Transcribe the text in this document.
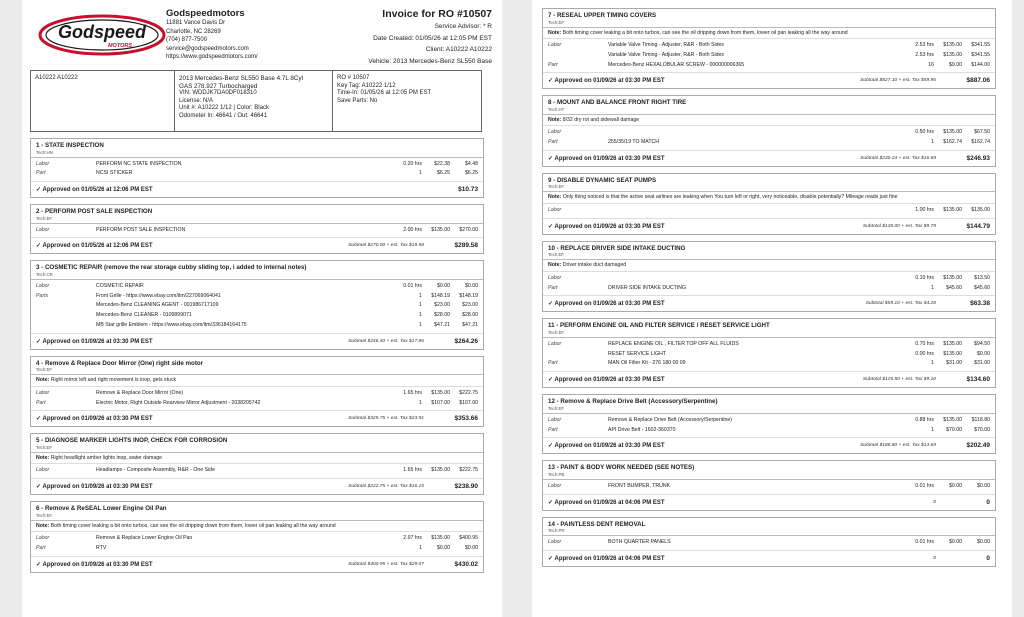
Godspeed
MOTORS
Godspeedmotors
11881 Vance Davis Dr
Charlotte, NC 28269
(704) 877-7500
service@godspeedmotors.com
https://www.godspeedmotors.com/
Invoice for RO #10507
Service Advisor: * R
Date Created: 01/05/26 at 12:05 PM EST
Client: A10222 A10222
Vehicle: 2013 Mercedes-Benz SL550 Base
A10222 A10222	2013 Mercedes-Benz SL550 Base 4.7L 8Cyl
GAS 278.927 Turbocharged
VIN: WDDJK7DA0DF018310
License: N/A
Unit #: A10222 1/12 | Color: Black
Odometer In: 46641 / Out: 46641
RO # 10507
Key Tag: A10222 1/12
Time-In: 01/05/26 at 12:05 PM EST
Save Parts: No
1 - STATE INSPECTION
Tech:HN
Labor	PERFORM NC STATE INSPECTION	0.20 hrs	$22.38	$4.48
Part	NCSI STICKER	1	$6.25	$6.25
✓ Approved on 01/05/26 at 12:06 PM EST	$10.73
2 - PERFORM POST SALE INSPECTION
Tech:EF
Labor	PERFORM POST SALE INSPECTION	2.00 hrs	$135.00	$270.00
✓ Approved on 01/05/26 at 12:06 PM EST	Subtotal $270.00 + est. Tax $19.58	$289.58
3 - COSMETIC REPAIR (remove the rear storage cubby sliding top, i added to internal notes)
Tech:CR
Labor	COSMETIC REPAIR	0.01 hrs	$0.00	$0.00
Parts	Front Grille - https://www.ebay.com/itm/227069064041	1	$148.19	$148.19
Mercedes-Benz CLEANING AGENT - 001986717109	1	$23.00	$23.00
Mercedes-Benz CLEANER - 0109899071	1	$28.00	$28.00
MB Star grille Emblem - https://www.ebay.com/itm/336184164175	1	$47.21	$47.21
✓ Approved on 01/09/26 at 03:30 PM EST	Subtotal $246.40 + est. Tax $17.86	$264.26
4 - Remove & Replace Door Mirror (One) right side motor
Tech:EF
Note: Right mirror left and right movement is inop, gets stuck
Labor	Remove & Replace Door Mirror (One)	1.65 hrs	$135.00	$222.75
Part	Electric Motor, Right Outside Rearview Mirror Adjustment - 2038205742	1	$107.00	$107.00
✓ Approved on 01/09/26 at 03:30 PM EST	Subtotal $329.75 + est. Tax $23.91	$353.66
5 - DIAGNOSE MARKER LIGHTS INOP, CHECK FOR CORROSION
Tech:EF
Note: Right headlight amber lights inop, water damage
Labor	Headlamps - Composite Assembly, R&R - One Side	1.65 hrs	$135.00	$222.75
✓ Approved on 01/09/26 at 03:30 PM EST	Subtotal $222.75 + est. Tax $16.15	$238.90
6 - Remove & ReSEAL Lower Engine Oil Pan
Tech:EF
Note: Both timing cover leaking a bit onto turbos, can see the oil dripping down from them, lower oil pan leaking all the way around
Labor	Remove & Replace Lower Engine Oil Pan	2.97 hrs	$135.00	$400.95
Part	RTV	1	$0.00	$0.00
✓ Approved on 01/09/26 at 03:30 PM EST	Subtotal $400.95 + est. Tax $29.07	$430.02
7 - RESEAL UPPER TIMING COVERS
Tech:EF
Note: Both timing cover leaking a bit onto turbos, can see the oil dripping down from them, lower oil pan leaking all the way around
Labor	Variable Valve Timing - Adjuster, R&R - Both Sides	2.53 hrs	$135.00	$341.55
Variable Valve Timing - Adjuster, R&R - Both Sides	2.53 hrs	$135.00	$341.55
Part	Mercedes-Benz HEXALOBULAR SCREW - 000000006365	16	$9.00	$144.00
✓ Approved on 01/09/26 at 03:30 PM EST	Subtotal $827.10 + est. Tax $59.96	$887.06
8 - MOUNT AND BALANCE FRONT RIGHT TIRE
Tech:HT
Note: 8/32 dry rot and sidewall damage
Labor	0.50 hrs	$135.00	$67.50
Part	255/35/19 TO MATCH	1	$162.74	$162.74
✓ Approved on 01/09/26 at 03:30 PM EST	Subtotal $230.24 + est. Tax $16.69	$246.93
9 - DISABLE DYNAMIC SEAT PUMPS
Tech:EF
Note: Only thing noticed is that the active seat airlines are leaking when You turn left or right, very noticeable, disable potentially? Mileage reads just fine
Labor	1.00 hrs	$135.00	$135.00
✓ Approved on 01/09/26 at 03:30 PM EST	Subtotal $135.00 + est. Tax $9.79	$144.79
10 - REPLACE DRIVER SIDE INTAKE DUCTING
Tech:EF
Note: Driver intake duct damaged
Labor	0.10 hrs	$135.00	$13.50
Part	DRIVER SIDE INTAKE DUCTING	1	$45.60	$45.60
✓ Approved on 01/09/26 at 03:30 PM EST	Subtotal $59.10 + est. Tax $4.28	$63.38
11 - PERFORM ENGINE OIL AND FILTER SERVICE / RESET SERVICE LIGHT
Tech:EF
Labor	REPLACE ENGINE OIL , FILTER TOP OFF ALL FLUIDS	0.70 hrs	$135.00	$94.50
RESET SERVICE LIGHT	0.00 hrs	$135.00	$0.00
Part	MAN Oil Filter Kit - 276 180 00 09	1	$31.00	$31.00
✓ Approved on 01/09/26 at 03:30 PM EST	Subtotal $125.50 + est. Tax $9.10	$134.60
12 - Remove & Replace Drive Belt (Accessory/Serpentine)
Tech:EF
Labor	Remove & Replace Drive Belt (Accessory/Serpentine)	0.88 hrs	$135.00	$118.80
Part	API Drive Belt - 1602-360370	1	$70.00	$70.00
✓ Approved on 01/09/26 at 03:30 PM EST	Subtotal $188.80 + est. Tax $13.69	$202.49
13 - PAINT & BODY WORK NEEDED (SEE NOTES)
Tech:PB
Labor	FRONT BUMPER, TRUNK	0.01 hrs	$0.00	$0.00
✓ Approved on 01/09/26 at 04:06 PM EST	0	0
14 - PAINTLESS DENT REMOVAL
Tech:PR
Labor	BOTH QUARTER PANELS	0.01 hrs	$0.00	$0.00
✓ Approved on 01/09/26 at 04:06 PM EST	0	0
